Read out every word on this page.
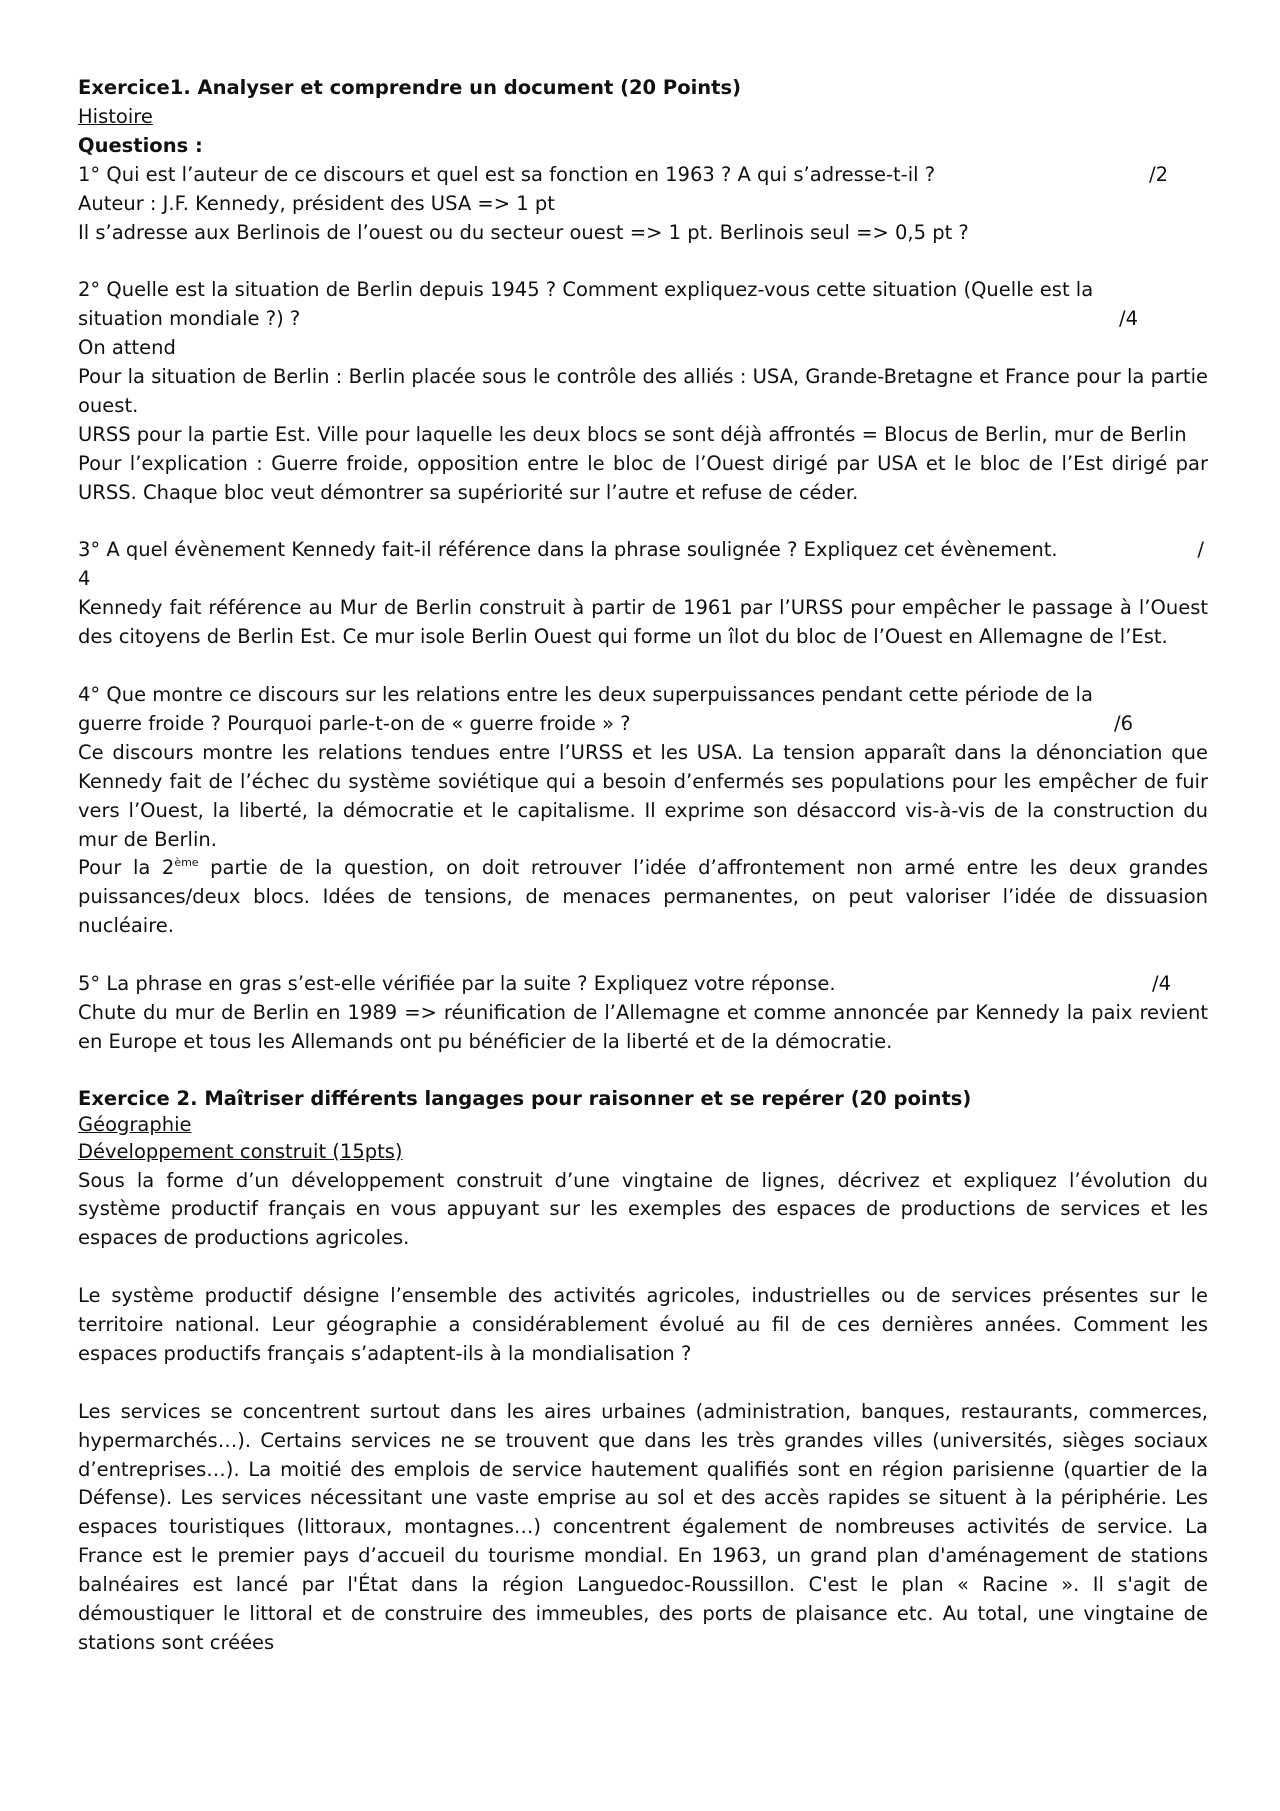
Exercice1. Analyser et comprendre un document (20 Points)

Histoire

Questions :

1° Qui est l’auteur de ce discours et quel est sa fonction en 1963 ? A qui s’adresse-t-il ?	/2

Auteur : J.F. Kennedy, président des USA => 1 pt

Il s’adresse aux Berlinois de l’ouest ou du secteur ouest => 1 pt. Berlinois seul => 0,5 pt ?

2° Quelle est la situation de Berlin depuis 1945 ? Comment expliquez-vous cette situation (Quelle est la

situation mondiale ?) ?	/4

On attend

Pour la situation de Berlin : Berlin placée sous le contrôle des alliés : USA, Grande-Bretagne et France pour la partie ouest.

URSS pour la partie Est. Ville pour laquelle les deux blocs se sont déjà affrontés = Blocus de Berlin, mur de Berlin

Pour l’explication : Guerre froide, opposition entre le bloc de l’Ouest dirigé par USA et le bloc de l’Est dirigé par URSS. Chaque bloc veut démontrer sa supériorité sur l’autre et refuse de céder.

3° A quel évènement Kennedy fait-il référence dans la phrase soulignée ? Expliquez cet évènement.	/

4

Kennedy fait référence au Mur de Berlin construit à partir de 1961 par l’URSS pour empêcher le passage à l’Ouest des citoyens de Berlin Est. Ce mur isole Berlin Ouest qui forme un îlot du bloc de l’Ouest en Allemagne de l’Est.

4° Que montre ce discours sur les relations entre les deux superpuissances pendant cette période de la

guerre froide ? Pourquoi parle-t-on de « guerre froide » ?	/6

Ce discours montre les relations tendues entre l’URSS et les USA. La tension apparaît dans la dénonciation que Kennedy fait de l’échec du système soviétique qui a besoin d’enfermés ses populations pour les empêcher de fuir vers l’Ouest, la liberté, la démocratie et le capitalisme. Il exprime son désaccord vis-à-vis de la construction du mur de Berlin.

Pour la 2ème partie de la question, on doit retrouver l’idée d’affrontement non armé entre les deux grandes puissances/deux blocs. Idées de tensions, de menaces permanentes, on peut valoriser l’idée de dissuasion nucléaire.

5° La phrase en gras s’est-elle vérifiée par la suite ? Expliquez votre réponse.	/4

Chute du mur de Berlin en 1989 => réunification de l’Allemagne et comme annoncée par Kennedy la paix revient en Europe et tous les Allemands ont pu bénéficier de la liberté et de la démocratie.

Exercice 2. Maîtriser différents langages pour raisonner et se repérer (20 points)

Géographie

Développement construit (15pts)

Sous la forme d’un développement construit d’une vingtaine de lignes, décrivez et expliquez l’évolution du système productif français en vous appuyant sur les exemples des espaces de productions de services et les espaces de productions agricoles.

Le système productif désigne l’ensemble des activités agricoles, industrielles ou de services présentes sur le territoire national. Leur géographie a considérablement évolué au fil de ces dernières années. Comment les espaces productifs français s’adaptent-ils à la mondialisation ?

Les services se concentrent surtout dans les aires urbaines (administration, banques, restaurants, commerces, hypermarchés…). Certains services ne se trouvent que dans les très grandes villes (universités, sièges sociaux d’entreprises…). La moitié des emplois de service hautement qualifiés sont en région parisienne (quartier de la Défense). Les services nécessitant une vaste emprise au sol et des accès rapides se situent à la périphérie. Les espaces touristiques (littoraux, montagnes…) concentrent également de nombreuses activités de service. La France est le premier pays d’accueil du tourisme mondial. En 1963, un grand plan d'aménagement de stations balnéaires est lancé par l'État dans la région Languedoc-Roussillon. C'est le plan « Racine ». Il s'agit de démoustiquer le littoral et de construire des immeubles, des ports de plaisance etc. Au total, une vingtaine de stations sont créées
